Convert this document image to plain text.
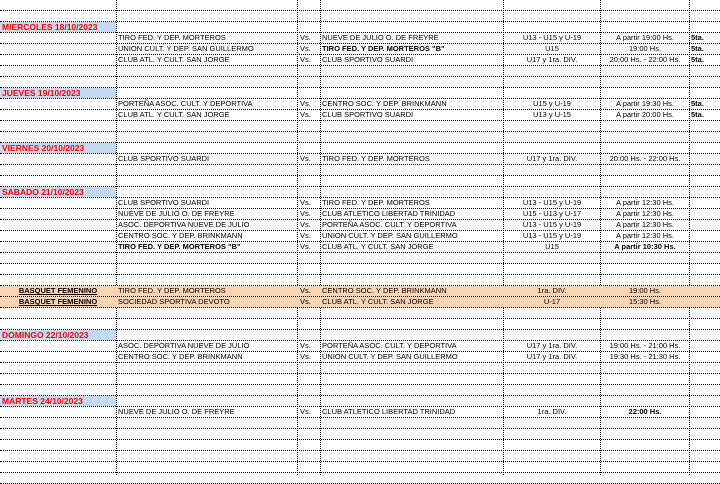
MIERCOLES 18/10/2023
TIRO FED. Y DEP. MORTEROS	Vs.	NUEVE DE JULIO O. DE FREYRE	U13 - U15 y U-19	A partir 19:00 Hs.	5ta.
UNION CULT. Y DEP. SAN GUILLERMO	Vs.	TIRO FED. Y DEP. MORTEROS "B"	U15	19:00 Hs.	5ta.
CLUB ATL. Y CULT. SAN JORGE	Vs.	CLUB SPORTIVO SUARDI	U17 y 1ra. DIV.	20:00 Hs. - 22:00 Hs.	5ta.
JUEVES 19/10/2023
PORTEÑA ASOC. CULT. Y DEPORTIVA	Vs.	CENTRO SOC. Y DEP. BRINKMANN	U15 y U-19	A partir 19:30 Hs.	5ta.
CLUB ATL. Y CULT. SAN JORGE	Vs.	CLUB SPORTIVO SUARDI	U13 y U-15	A partir 20:00 Hs.	5ta.
VIERNES 20/10/2023
CLUB SPORTIVO SUARDI	Vs.	TIRO FED. Y DEP. MORTEROS	U17 y 1ra. DIV.	20:00 Hs. - 22:00 Hs.
SABADO 21/10/2023
CLUB SPORTIVO SUARDI	Vs.	TIRO FED. Y DEP. MORTEROS	U13 - U15 y U-19	A partir 12:30 Hs.
NUEVE DE JULIO O. DE FREYRE	Vs.	CLUB ATLETICO LIBERTAD TRINIDAD	U15 - U13 y U-17	A partir 12:30 Hs.
ASOC. DEPORTIVA NUEVE DE JULIO	Vs.	PORTEÑA ASOC. CULT. Y DEPORTIVA	U13 - U15 y U-19	A partir 12:30 Hs.
CENTRO SOC. Y DEP. BRINKMANN	Vs.	UNION CULT. Y DEP. SAN GUILLERMO	U13 - U15 y U-19	A partir 12:30 Hs.
TIRO FED. Y DEP. MORTEROS "B"	Vs.	CLUB ATL. Y CULT. SAN JORGE	U15	A partir 10:30 Hs.
BASQUET FEMENINO	TIRO FED. Y DEP. MORTEROS	Vs.	CENTRO SOC. Y DEP. BRINKMANN	1ra. DIV.	19:00 Hs.
BASQUET FEMENINO	SOCIEDAD SPORTIVA DEVOTO	Vs.	CLUB ATL. Y CULT. SAN JORGE	U-17	15:30 Hs.
DOMINGO 22/10/2023
ASOC. DEPORTIVA NUEVE DE JULIO	Vs.	PORTEÑA ASOC. CULT. Y DEPORTIVA	U17 y 1ra. DIV.	19:00 Hs. - 21:00 Hs.
CENTRO SOC. Y DEP. BRINKMANN	Vs.	UNION CULT. Y DEP. SAN GUILLERMO	U17 y 1ra. DIV.	19:30 Hs. - 21:30 Hs.
MARTES 24/10/2023
NUEVE DE JULIO O. DE FREYRE	Vs.	CLUB ATLETICO LIBERTAD TRINIDAD	1ra. DIV.	22:00 Hs.
